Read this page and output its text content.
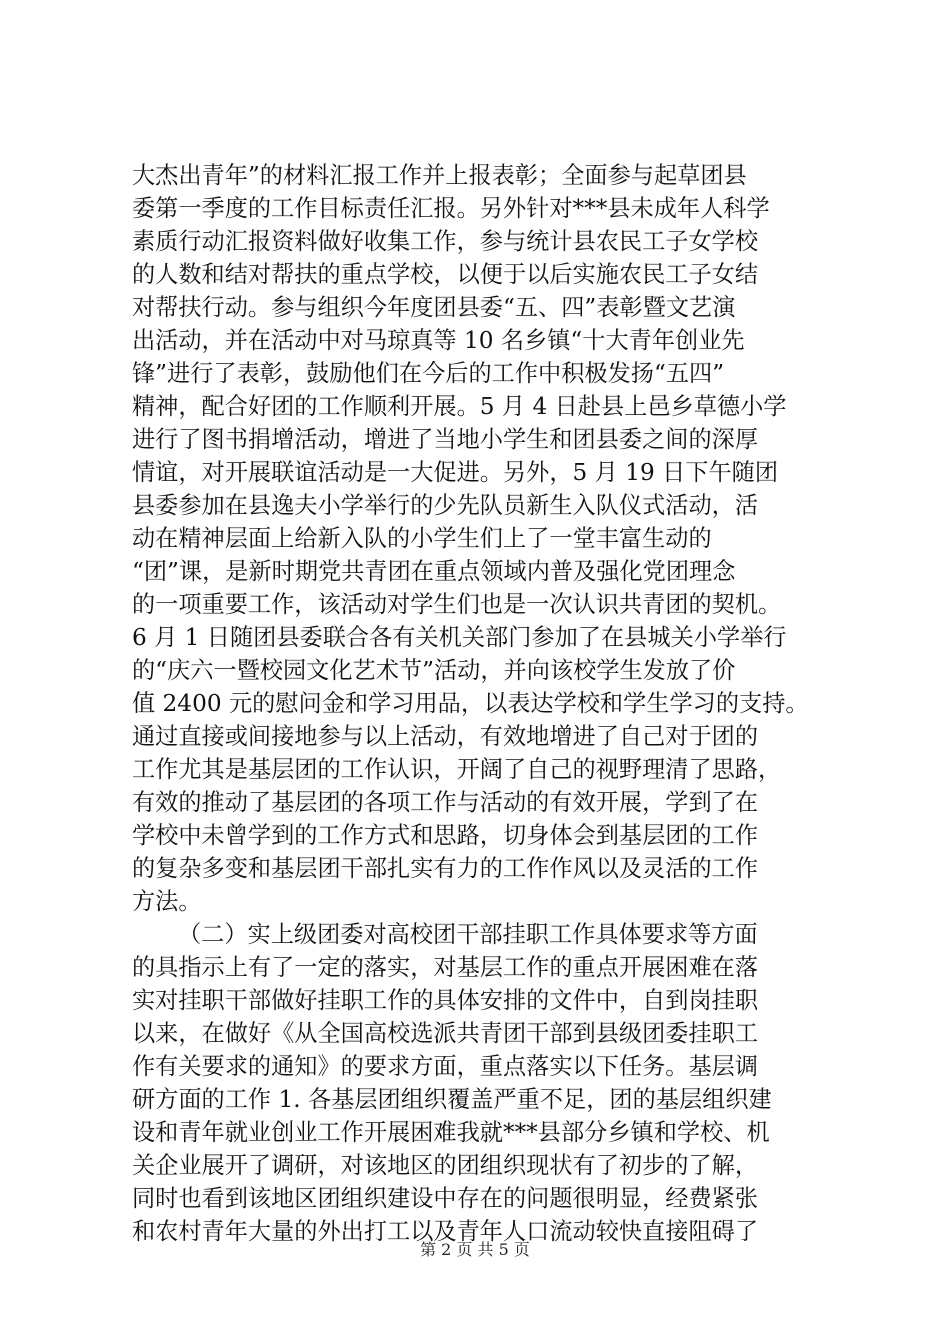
大杰出青年”的材料汇报工作并上报表彰；全面参与起草团县
委第一季度的工作目标责任汇报。另外针对***县未成年人科学
素质行动汇报资料做好收集工作，参与统计县农民工子女学校
的人数和结对帮扶的重点学校，以便于以后实施农民工子女结
对帮扶行动。参与组织今年度团县委“五、四”表彰暨文艺演
出活动，并在活动中对马琼真等 10 名乡镇“十大青年创业先
锋”进行了表彰，鼓励他们在今后的工作中积极发扬“五四”
精神，配合好团的工作顺利开展。5 月 4 日赴县上邑乡草德小学
进行了图书捐增活动，增进了当地小学生和团县委之间的深厚
情谊，对开展联谊活动是一大促进。另外，5 月 19 日下午随团
县委参加在县逸夫小学举行的少先队员新生入队仪式活动，活
动在精神层面上给新入队的小学生们上了一堂丰富生动的
“团”课，是新时期党共青团在重点领域内普及强化党团理念
的一项重要工作，该活动对学生们也是一次认识共青团的契机。
6 月 1 日随团县委联合各有关机关部门参加了在县城关小学举行
的“庆六一暨校园文化艺术节”活动，并向该校学生发放了价
值 2400 元的慰问金和学习用品，以表达学校和学生学习的支持。
通过直接或间接地参与以上活动，有效地增进了自己对于团的
工作尤其是基层团的工作认识，开阔了自己的视野理清了思路，
有效的推动了基层团的各项工作与活动的有效开展，学到了在
学校中未曾学到的工作方式和思路，切身体会到基层团的工作
的复杂多变和基层团干部扎实有力的工作作风以及灵活的工作
方法。
（二）实上级团委对高校团干部挂职工作具体要求等方面
的具指示上有了一定的落实，对基层工作的重点开展困难在落
实对挂职干部做好挂职工作的具体安排的文件中，自到岗挂职
以来，在做好《从全国高校选派共青团干部到县级团委挂职工
作有关要求的通知》的要求方面，重点落实以下任务。基层调
研方面的工作 1. 各基层团组织覆盖严重不足，团的基层组织建
设和青年就业创业工作开展困难我就***县部分乡镇和学校、机
关企业展开了调研，对该地区的团组织现状有了初步的了解，
同时也看到该地区团组织建设中存在的问题很明显，经费紧张
和农村青年大量的外出打工以及青年人口流动较快直接阻碍了
第 2 页 共 5 页
